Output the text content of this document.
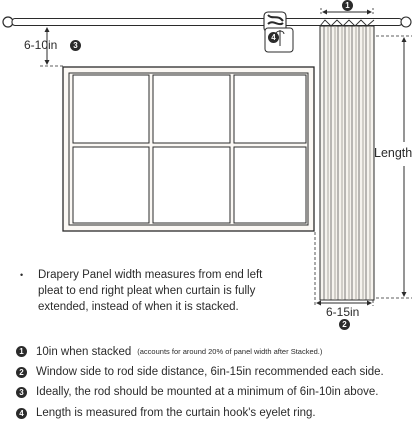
6-10in	3
1
4
Length
6-15in
2
• Drapery Panel width measures from end left pleat to end right pleat when curtain is fully extended, instead of when it is stacked.
1 10in when stacked (accounts for around 20% of panel width after Stacked.)
2 Window side to rod side distance, 6in-15in recommended each side.
3 Ideally, the rod should be mounted at a minimum of 6in-10in above.
4 Length is measured from the curtain hook's eyelet ring.
